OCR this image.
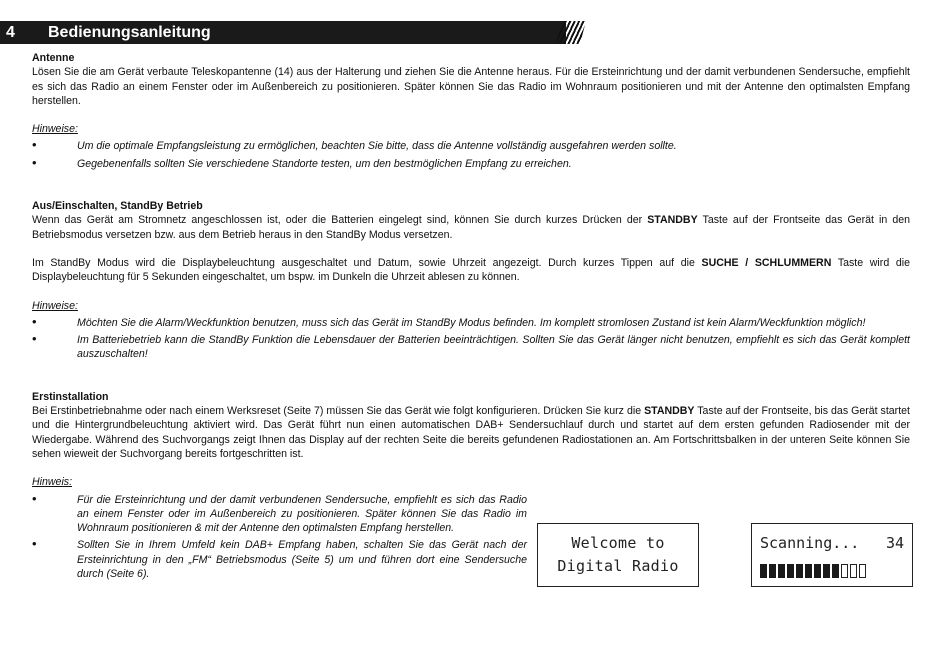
4 Bedienungsanleitung
Antenne

Lösen Sie die am Gerät verbaute Teleskopantenne (14) aus der Halterung und ziehen Sie die Antenne heraus. Für die Ersteinrichtung und der damit verbundenen Sendersuche, empfiehlt es sich das Radio an einem Fenster oder im Außenbereich zu positionieren. Später können Sie das Radio im Wohnraum positionieren und mit der Antenne den optimalsten Empfang herstellen.

Hinweise:
•	Um die optimale Empfangsleistung zu ermöglichen, beachten Sie bitte, dass die Antenne vollständig ausgefahren werden sollte.
•	Gegebenenfalls sollten Sie verschiedene Standorte testen, um den bestmöglichen Empfang zu erreichen.
Aus/Einschalten, StandBy Betrieb

Wenn das Gerät am Stromnetz angeschlossen ist, oder die Batterien eingelegt sind, können Sie durch kurzes Drücken der STANDBY Taste auf der Frontseite das Gerät in den Betriebsmodus versetzen bzw. aus dem Betrieb heraus in den StandBy Modus versetzen.

Im StandBy Modus wird die Displaybeleuchtung ausgeschaltet und Datum, sowie Uhrzeit angezeigt. Durch kurzes Tippen auf die SUCHE / SCHLUMMERN Taste wird die Displaybeleuchtung für 5 Sekunden eingeschaltet, um bspw. im Dunkeln die Uhrzeit ablesen zu können.

Hinweise:
•	Möchten Sie die Alarm/Weckfunktion benutzen, muss sich das Gerät im StandBy Modus befinden. Im komplett stromlosen Zustand ist kein Alarm/Weckfunktion möglich!
•	Im Batteriebetrieb kann die StandBy Funktion die Lebensdauer der Batterien beeinträchtigen. Sollten Sie das Gerät länger nicht benutzen, empfiehlt es sich das Gerät komplett auszuschalten!
Erstinstallation

Bei Erstinbetriebnahme oder nach einem Werksreset (Seite 7) müssen Sie das Gerät wie folgt konfigurieren. Drücken Sie kurz die STANDBY Taste auf der Frontseite, bis das Gerät startet und die Hintergrundbeleuchtung aktiviert wird. Das Gerät führt nun einen automatischen DAB+ Sendersuchlauf durch und startet auf dem ersten gefunden Radiosender mit der Wiedergabe. Während des Suchvorgangs zeigt Ihnen das Display auf der rechten Seite die bereits gefundenen Radiostationen an. Am Fortschrittsbalken in der unteren Seite können Sie sehen wieweit der Suchvorgang bereits fortgeschritten ist.

Hinweis:
•	Für die Ersteinrichtung und der damit verbundenen Sendersuche, empfiehlt es sich das Radio an einem Fenster oder im Außenbereich zu positionieren. Später können Sie das Radio im Wohnraum positionieren & mit der Antenne den optimalsten Empfang herstellen.
•	Sollten Sie in Ihrem Umfeld kein DAB+ Empfang haben, schalten Sie das Gerät nach der Ersteinrichtung in den „FM“ Betriebsmodus (Seite 5) um und führen dort eine Sendersuche durch (Seite 6).
Welcome to
Digital Radio
Scanning... 34
